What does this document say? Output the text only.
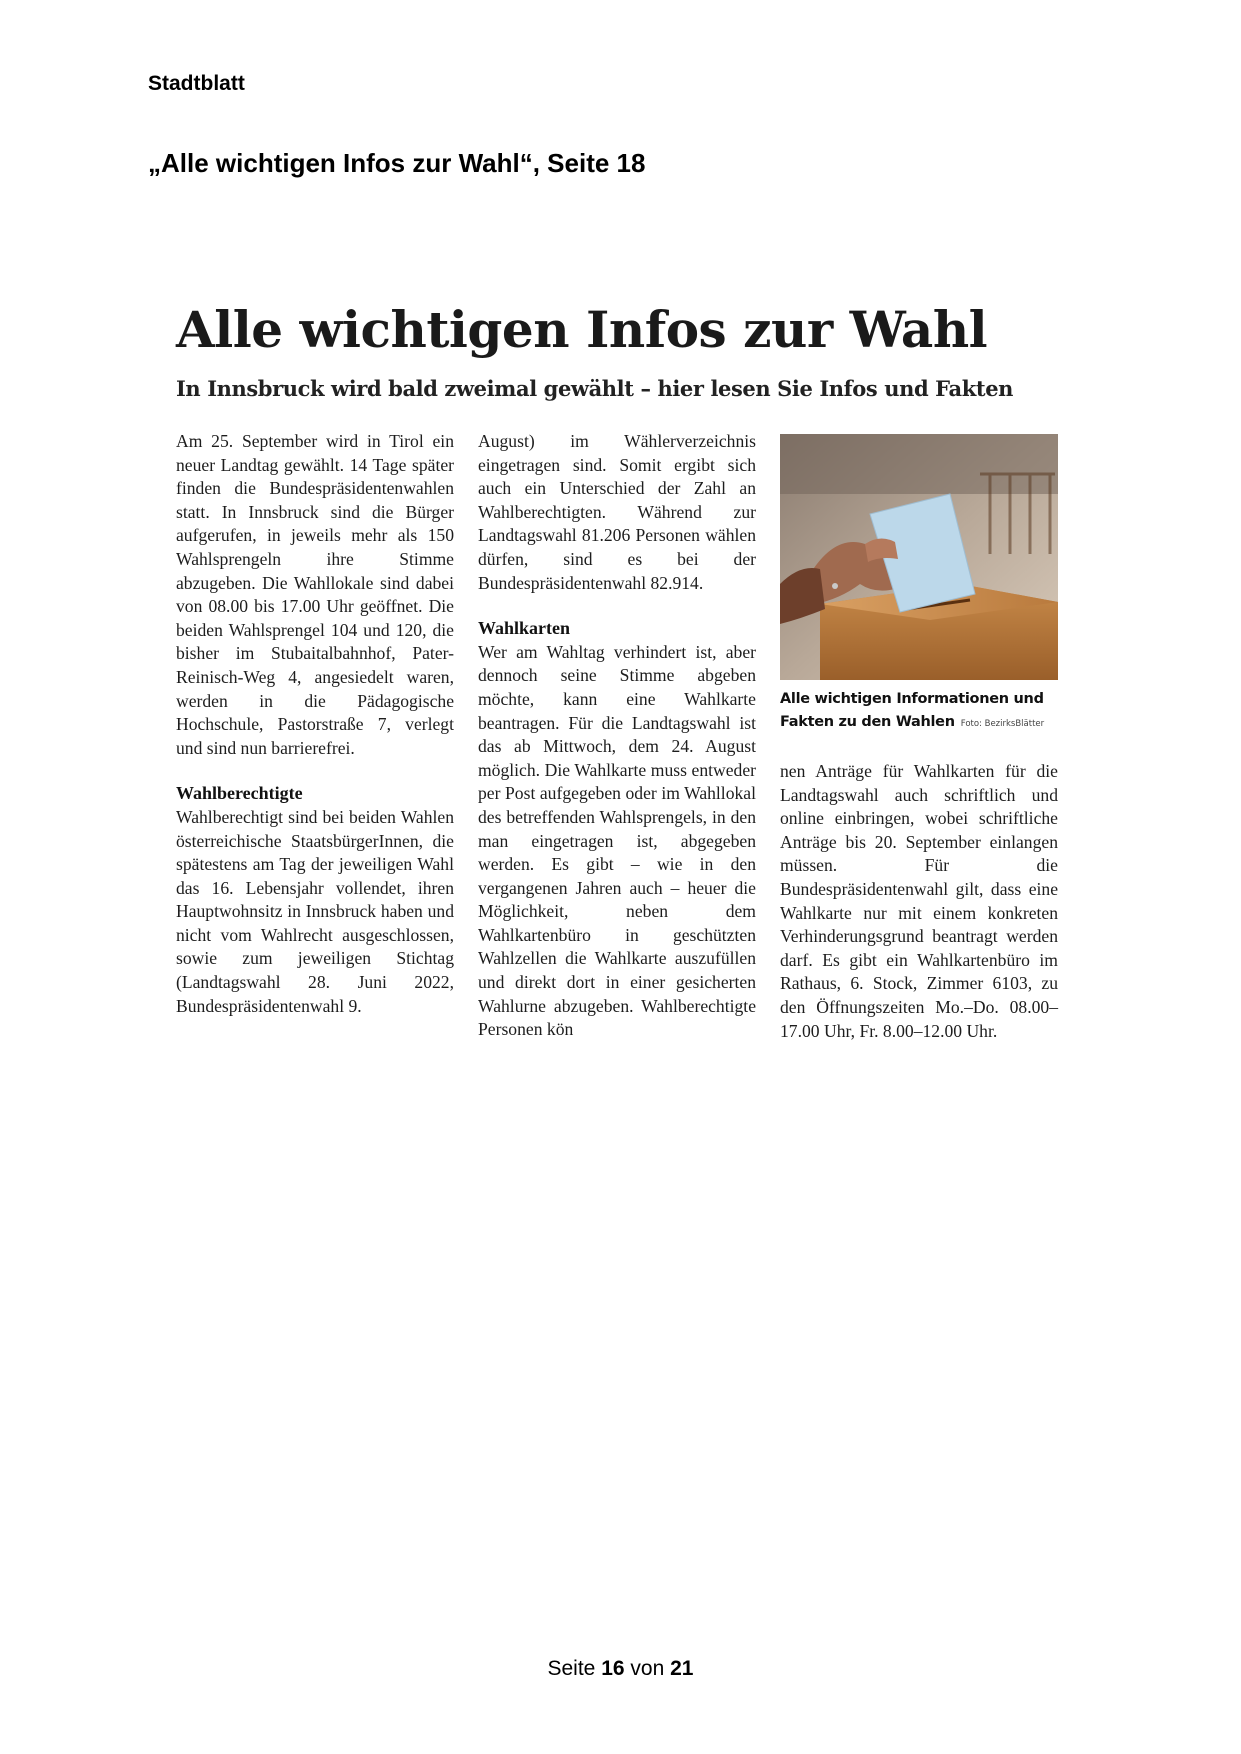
Stadtblatt
„Alle wichtigen Infos zur Wahl“, Seite 18
Alle wichtigen Infos zur Wahl
In Innsbruck wird bald zweimal gewählt – hier lesen Sie Infos und Fakten

Am 25. September wird in Tirol ein neuer Landtag gewählt. 14 Tage später finden die Bundespräsidentenwahlen statt. In Innsbruck sind die Bürger aufgerufen, in jeweils mehr als 150 Wahlsprengeln ihre Stimme abzugeben. Die Wahllokale sind dabei von 08.00 bis 17.00 Uhr geöffnet. Die beiden Wahlsprengel 104 und 120, die bisher im Stubaitalbahnhof, Pater-Reinisch-Weg 4, angesiedelt waren, werden in die Pädagogische Hochschule, Pastorstraße 7, verlegt und sind nun barrierefrei.

Wahlberechtigte

Wahlberechtigt sind bei beiden Wahlen österreichische StaatsbürgerInnen, die spätestens am Tag der jeweiligen Wahl das 16. Lebensjahr vollendet, ihren Hauptwohnsitz in Innsbruck haben und nicht vom Wahlrecht ausgeschlossen, sowie zum jeweiligen Stichtag (Landtagswahl 28. Juni 2022, Bundespräsidentenwahl 9.

August) im Wählerverzeichnis eingetragen sind. Somit ergibt sich auch ein Unterschied der Zahl an Wahlberechtigten. Während zur Landtagswahl 81.206 Personen wählen dürfen, sind es bei der Bundespräsidentenwahl 82.914.

Wahlkarten

Wer am Wahltag verhindert ist, aber dennoch seine Stimme abgeben möchte, kann eine Wahlkarte beantragen. Für die Landtagswahl ist das ab Mittwoch, dem 24. August möglich. Die Wahlkarte muss entweder per Post aufgegeben oder im Wahllokal des betreffenden Wahlsprengels, in den man eingetragen ist, abgegeben werden. Es gibt – wie in den vergangenen Jahren auch – heuer die Möglichkeit, neben dem Wahlkartenbüro in geschützten Wahlzellen die Wahlkarte auszufüllen und direkt dort in einer gesicherten Wahlurne abzugeben. Wahlberechtigte Personen kön

Alle wichtigen Informationen und Fakten zu den Wahlen Foto: BezirksBlätter

nen Anträge für Wahlkarten für die Landtagswahl auch schriftlich und online einbringen, wobei schriftliche Anträge bis 20. September einlangen müssen. Für die Bundespräsidentenwahl gilt, dass eine Wahlkarte nur mit einem konkreten Verhinderungsgrund beantragt werden darf. Es gibt ein Wahlkartenbüro im Rathaus, 6. Stock, Zimmer 6103, zu den Öffnungszeiten Mo.–Do. 08.00–17.00 Uhr, Fr. 8.00–12.00 Uhr.

Seite 16 von 21
